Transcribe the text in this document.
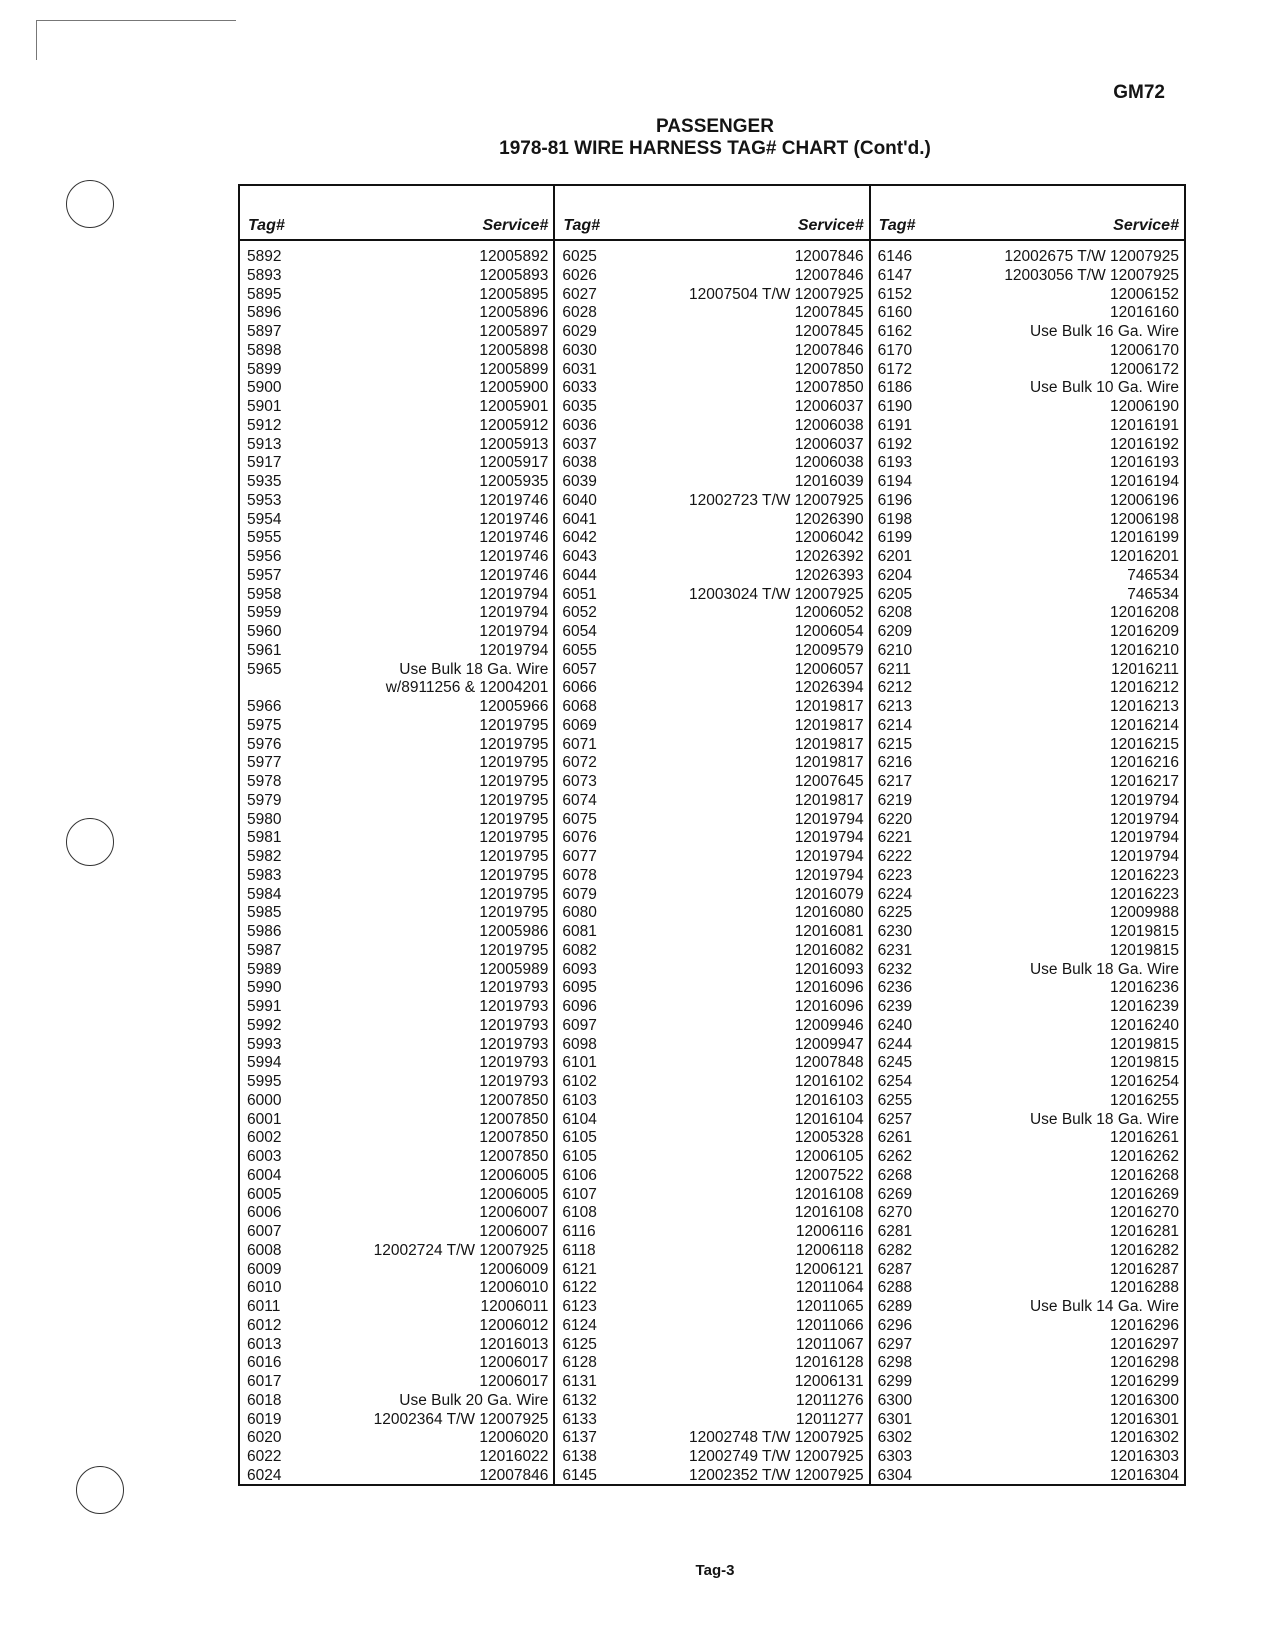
GM72
PASSENGER
1978-81 WIRE HARNESS TAG# CHART (Cont'd.)
Tag#	Service#
5892	12005892
5893	12005893
5895	12005895
5896	12005896
5897	12005897
5898	12005898
5899	12005899
5900	12005900
5901	12005901
5912	12005912
5913	12005913
5917	12005917
5935	12005935
5953	12019746
5954	12019746
5955	12019746
5956	12019746
5957	12019746
5958	12019794
5959	12019794
5960	12019794
5961	12019794
5965	Use Bulk 18 Ga. Wire
w/8911256 & 12004201
5966	12005966
5975	12019795
5976	12019795
5977	12019795
5978	12019795
5979	12019795
5980	12019795
5981	12019795
5982	12019795
5983	12019795
5984	12019795
5985	12019795
5986	12005986
5987	12019795
5989	12005989
5990	12019793
5991	12019793
5992	12019793
5993	12019793
5994	12019793
5995	12019793
6000	12007850
6001	12007850
6002	12007850
6003	12007850
6004	12006005
6005	12006005
6006	12006007
6007	12006007
6008	12002724 T/W 12007925
6009	12006009
6010	12006010
6011	12006011
6012	12006012
6013	12016013
6016	12006017
6017	12006017
6018	Use Bulk 20 Ga. Wire
6019	12002364 T/W 12007925
6020	12006020
6022	12016022
6024	12007846
Tag#	Service#
6025	12007846
6026	12007846
6027	12007504 T/W 12007925
6028	12007845
6029	12007845
6030	12007846
6031	12007850
6033	12007850
6035	12006037
6036	12006038
6037	12006037
6038	12006038
6039	12016039
6040	12002723 T/W 12007925
6041	12026390
6042	12006042
6043	12026392
6044	12026393
6051	12003024 T/W 12007925
6052	12006052
6054	12006054
6055	12009579
6057	12006057
6066	12026394
6068	12019817
6069	12019817
6071	12019817
6072	12019817
6073	12007645
6074	12019817
6075	12019794
6076	12019794
6077	12019794
6078	12019794
6079	12016079
6080	12016080
6081	12016081
6082	12016082
6093	12016093
6095	12016096
6096	12016096
6097	12009946
6098	12009947
6101	12007848
6102	12016102
6103	12016103
6104	12016104
6105	12005328
6105	12006105
6106	12007522
6107	12016108
6108	12016108
6116	12006116
6118	12006118
6121	12006121
6122	12011064
6123	12011065
6124	12011066
6125	12011067
6128	12016128
6131	12006131
6132	12011276
6133	12011277
6137	12002748 T/W 12007925
6138	12002749 T/W 12007925
6145	12002352 T/W 12007925
Tag#	Service#
6146	12002675 T/W 12007925
6147	12003056 T/W 12007925
6152	12006152
6160	12016160
6162	Use Bulk 16 Ga. Wire
6170	12006170
6172	12006172
6186	Use Bulk 10 Ga. Wire
6190	12006190
6191	12016191
6192	12016192
6193	12016193
6194	12016194
6196	12006196
6198	12006198
6199	12016199
6201	12016201
6204	746534
6205	746534
6208	12016208
6209	12016209
6210	12016210
6211	12016211
6212	12016212
6213	12016213
6214	12016214
6215	12016215
6216	12016216
6217	12016217
6219	12019794
6220	12019794
6221	12019794
6222	12019794
6223	12016223
6224	12016223
6225	12009988
6230	12019815
6231	12019815
6232	Use Bulk 18 Ga. Wire
6236	12016236
6239	12016239
6240	12016240
6244	12019815
6245	12019815
6254	12016254
6255	12016255
6257	Use Bulk 18 Ga. Wire
6261	12016261
6262	12016262
6268	12016268
6269	12016269
6270	12016270
6281	12016281
6282	12016282
6287	12016287
6288	12016288
6289	Use Bulk 14 Ga. Wire
6296	12016296
6297	12016297
6298	12016298
6299	12016299
6300	12016300
6301	12016301
6302	12016302
6303	12016303
6304	12016304
Tag-3
